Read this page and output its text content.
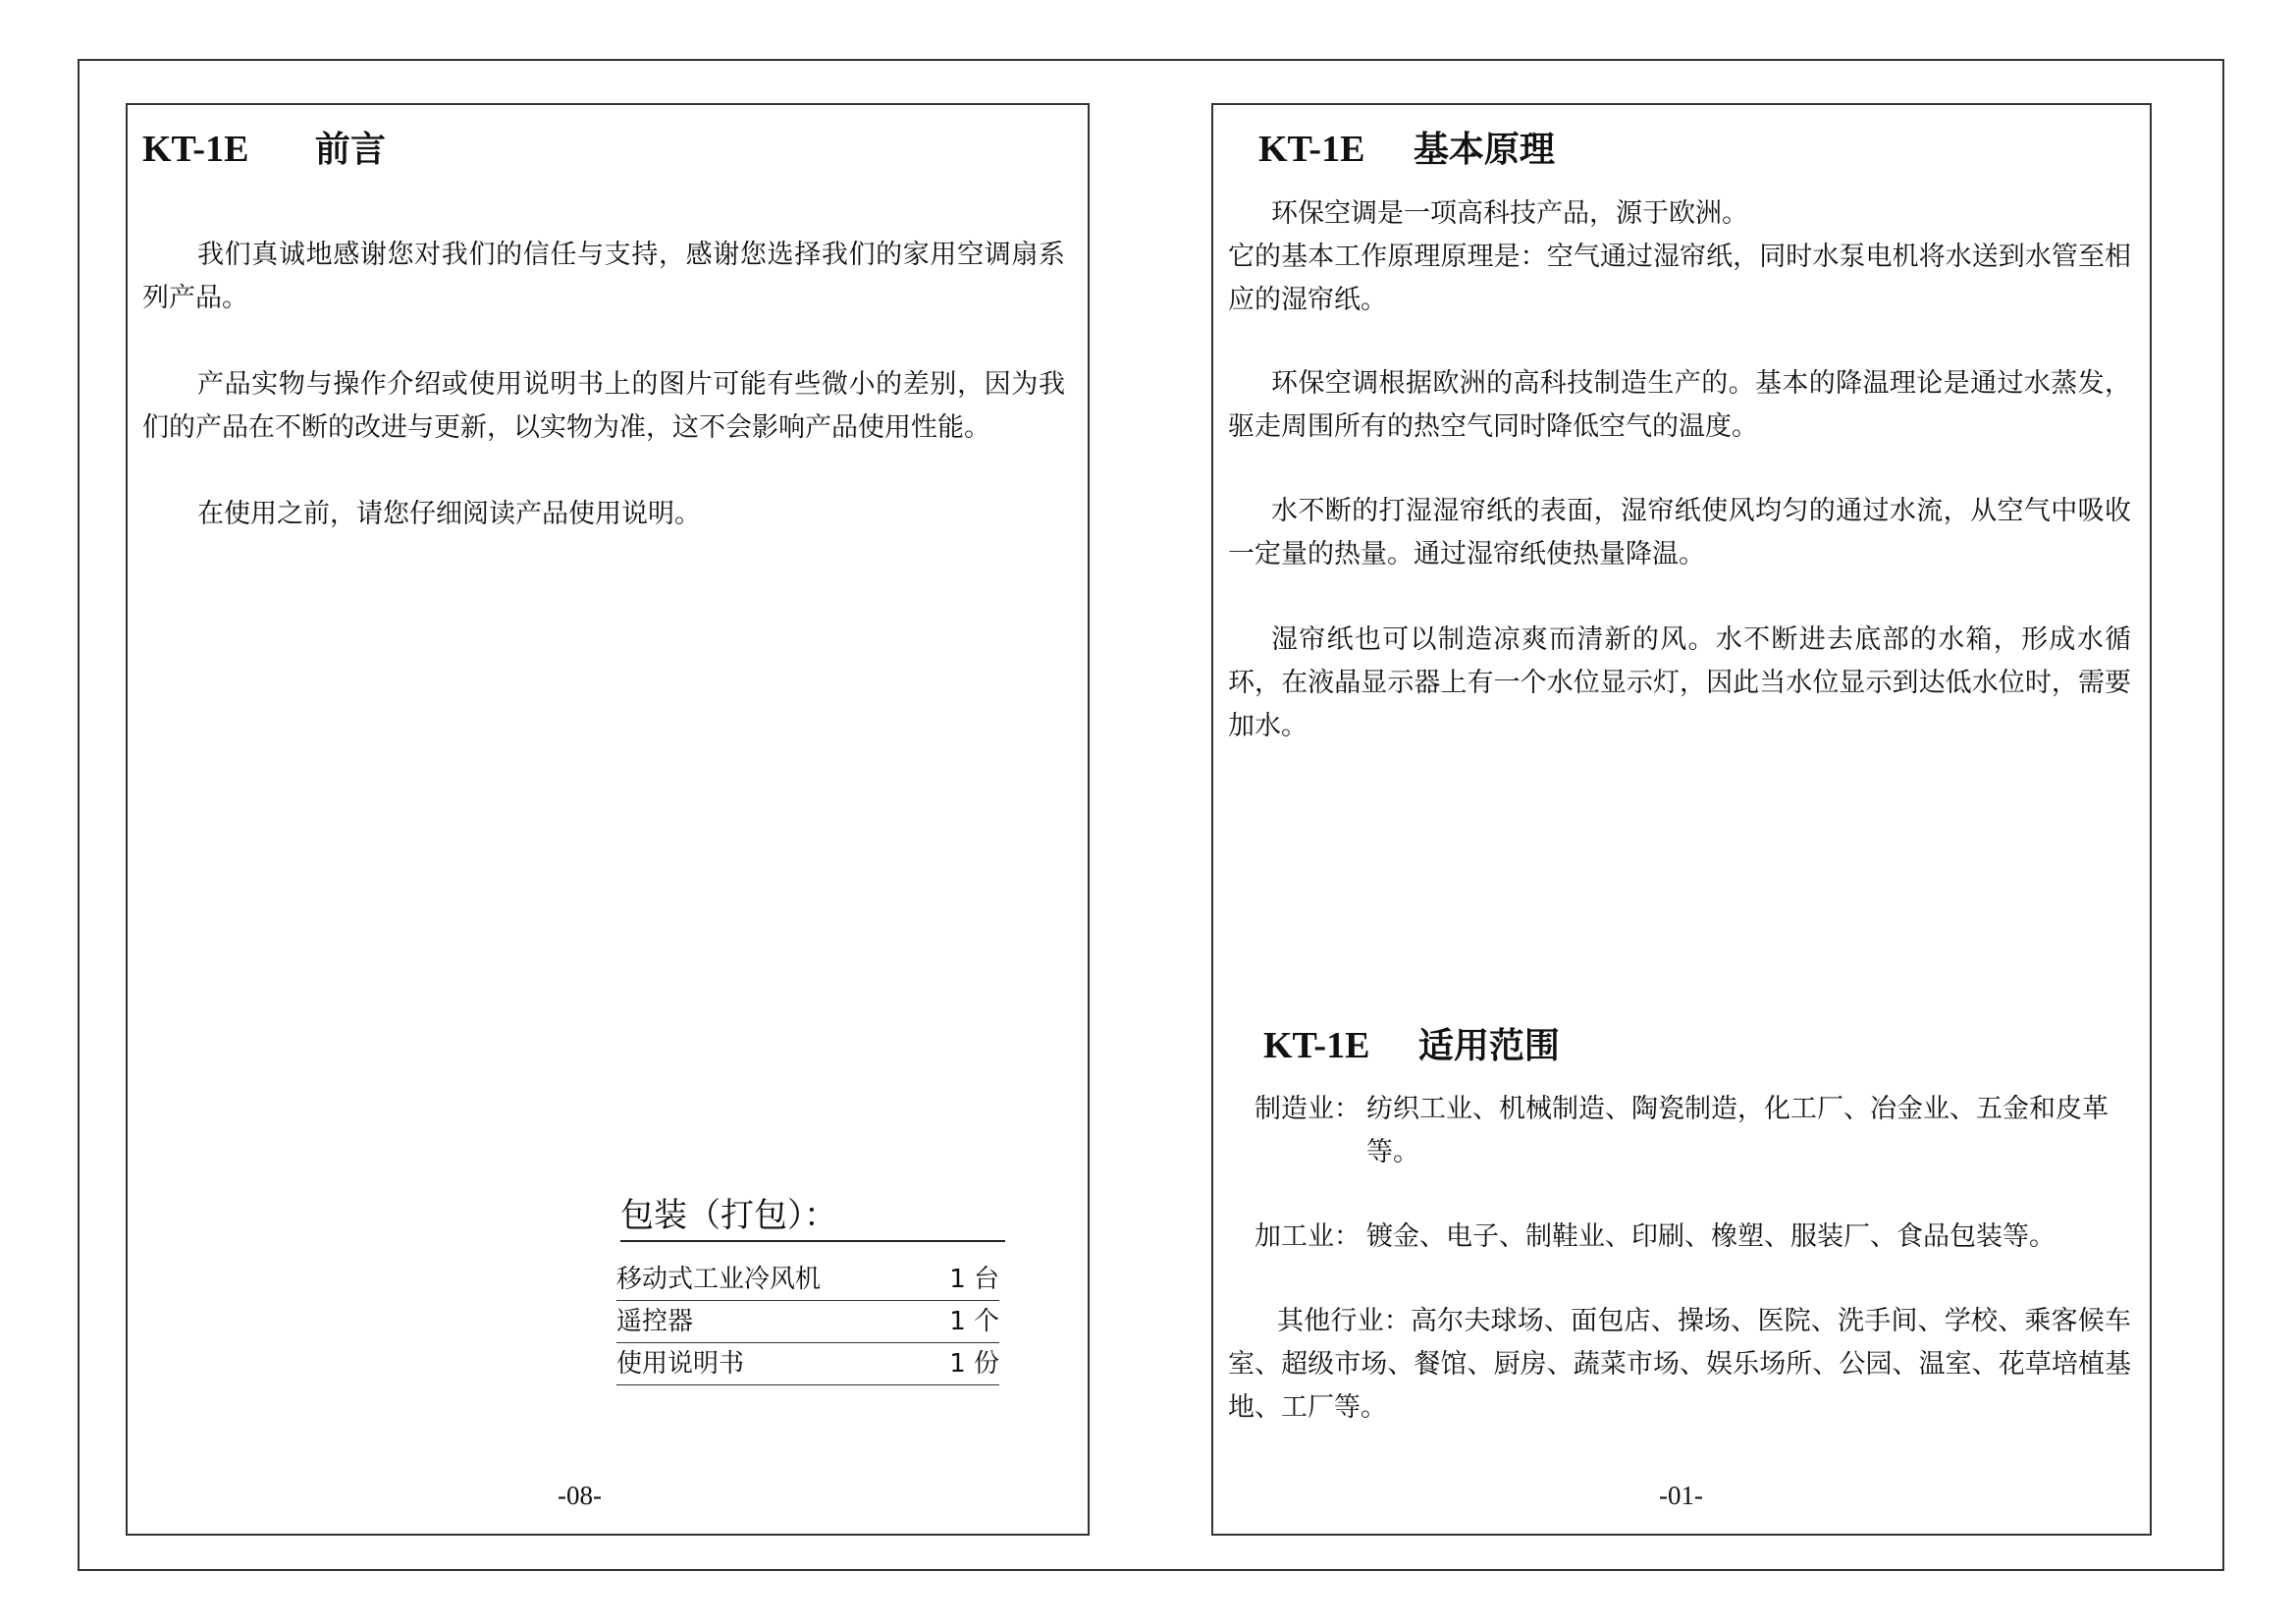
KT-1E 前言
我们真诚地感谢您对我们的信任与支持，感谢您选择我们的家用空调扇系列产品。
产品实物与操作介绍或使用说明书上的图片可能有些微小的差别，因为我们的产品在不断的改进与更新，以实物为准，这不会影响产品使用性能。
在使用之前，请您仔细阅读产品使用说明。
包装（打包）：
移动式工业冷风机	1 台
遥控器	1 个
使用说明书	1 份
-08-
KT-1E 基本原理
环保空调是一项高科技产品，源于欧洲。
它的基本工作原理原理是：空气通过湿帘纸，同时水泵电机将水送到水管至相应的湿帘纸。
环保空调根据欧洲的高科技制造生产的。基本的降温理论是通过水蒸发，驱走周围所有的热空气同时降低空气的温度。
水不断的打湿湿帘纸的表面，湿帘纸使风均匀的通过水流，从空气中吸收一定量的热量。通过湿帘纸使热量降温。
湿帘纸也可以制造凉爽而清新的风。水不断进去底部的水箱，形成水循环，在液晶显示器上有一个水位显示灯，因此当水位显示到达低水位时，需要加水。
KT-1E 适用范围
制造业： 纺织工业、机械制造、陶瓷制造，化工厂、冶金业、五金和皮革等。
加工业： 镀金、电子、制鞋业、印刷、橡塑、服装厂、食品包装等。
其他行业：高尔夫球场、面包店、操场、医院、洗手间、学校、乘客候车室、超级市场、餐馆、厨房、蔬菜市场、娱乐场所、公园、温室、花草培植基地、工厂等。
-01-
